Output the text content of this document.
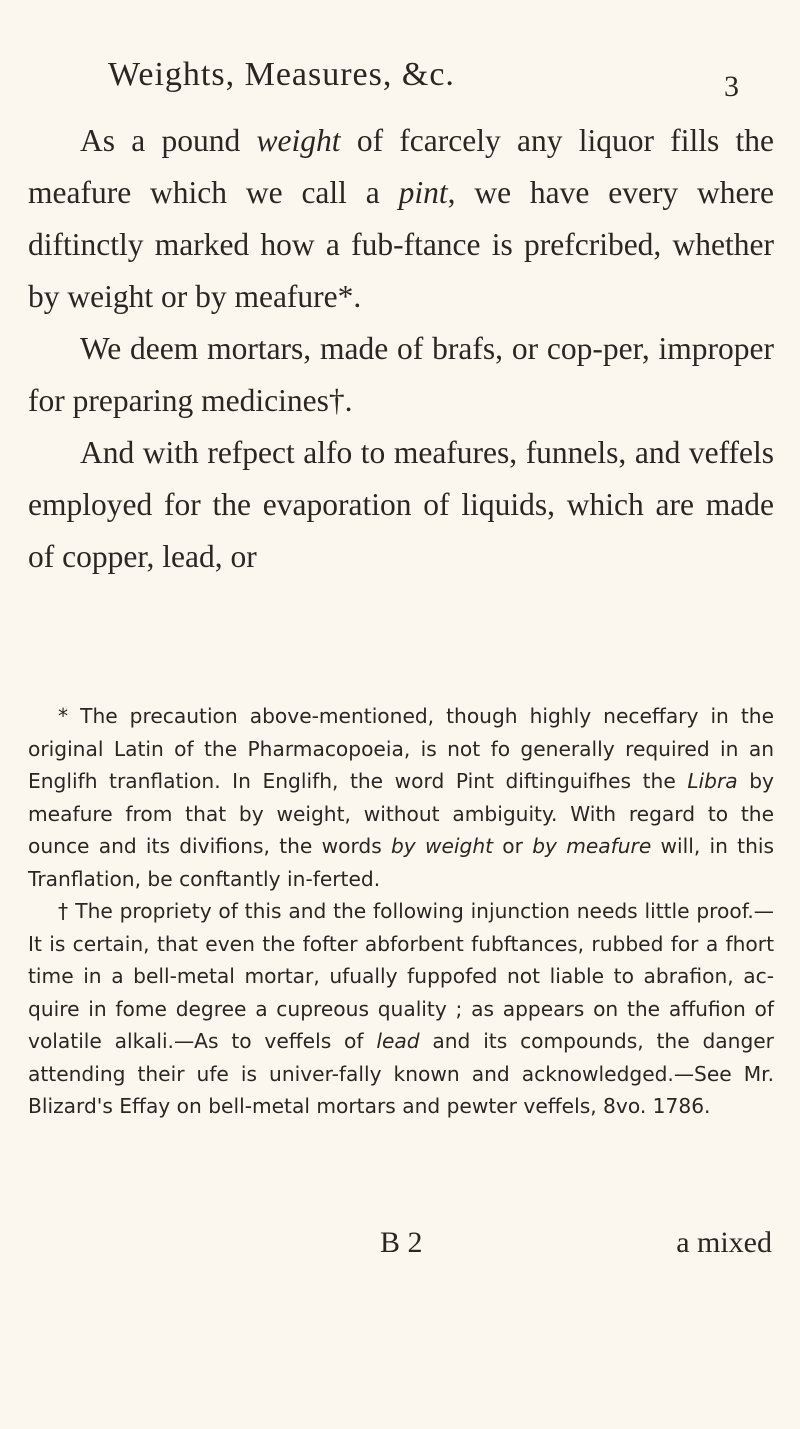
Weights, Measures, &c.	3

As a pound weight of fcarcely any liquor fills the meafure which we call a pint, we have every where diftinctly marked how a fub-ftance is prefcribed, whether by weight or by meafure*.

We deem mortars, made of brafs, or cop-per, improper for preparing medicines†.

And with refpect alfo to meafures, funnels, and veffels employed for the evaporation of liquids, which are made of copper, lead, or

* The precaution above-mentioned, though highly neceffary in the original Latin of the Pharmacopoeia, is not fo generally required in an Englifh tranflation. In Englifh, the word Pint diftinguifhes the Libra by meafure from that by weight, without ambiguity. With regard to the ounce and its divifions, the words by weight or by meafure will, in this Tranflation, be conftantly in-ferted.

† The propriety of this and the following injunction needs little proof.—It is certain, that even the fofter abforbent fubftances, rubbed for a fhort time in a bell-metal mortar, ufually fuppofed not liable to abrafion, ac-quire in fome degree a cupreous quality ; as appears on the affufion of volatile alkali.—As to veffels of lead and its compounds, the danger attending their ufe is univer-fally known and acknowledged.—See Mr. Blizard's Effay on bell-metal mortars and pewter veffels, 8vo. 1786.

B 2	a mixed
